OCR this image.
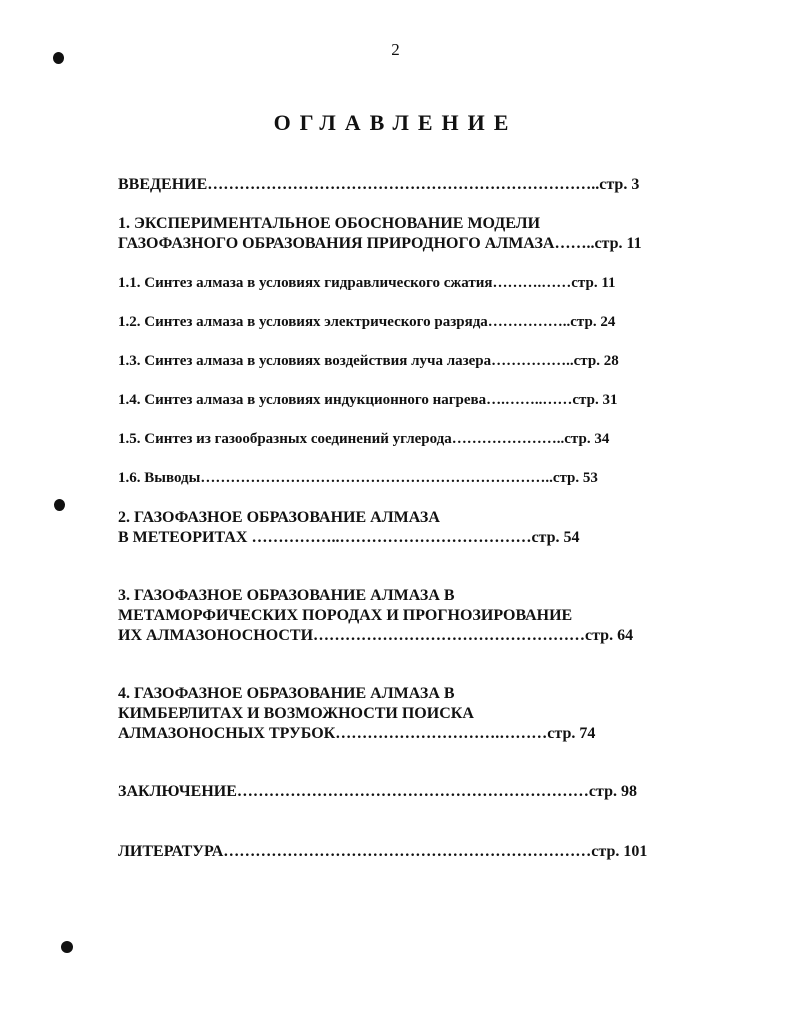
2
ОГЛАВЛЕНИЕ
ВВЕДЕНИЕ………………………………………………………………..стр. 3
1. ЭКСПЕРИМЕНТАЛЬНОЕ ОБОСНОВАНИЕ МОДЕЛИ
ГАЗОФАЗНОГО ОБРАЗОВАНИЯ ПРИРОДНОГО АЛМАЗА……..стр. 11
1.1. Синтез алмаза в условиях гидравлического сжатия……….……стр. 11
1.2. Синтез алмаза в условиях электрического разряда……………..стр. 24
1.3. Синтез алмаза в условиях воздействия луча лазера……………..стр. 28
1.4. Синтез алмаза в условиях индукционного нагрева….……..……стр. 31
1.5. Синтез из газообразных соединений углерода…………………..стр. 34
1.6. Выводы……………………………………………………………..стр. 53
2. ГАЗОФАЗНОЕ ОБРАЗОВАНИЕ АЛМАЗА
В МЕТЕОРИТАХ ……………..………………………………стр. 54
3. ГАЗОФАЗНОЕ ОБРАЗОВАНИЕ АЛМАЗА В
МЕТАМОРФИЧЕСКИХ ПОРОДАХ И ПРОГНОЗИРОВАНИЕ
ИХ АЛМАЗОНОСНОСТИ……………………………………………стр. 64
4. ГАЗОФАЗНОЕ ОБРАЗОВАНИЕ АЛМАЗА В
КИМБЕРЛИТАХ И ВОЗМОЖНОСТИ ПОИСКА
АЛМАЗОНОСНЫХ ТРУБОК………………………….………стр. 74
ЗАКЛЮЧЕНИЕ…………………………………………………………стр. 98
ЛИТЕРАТУРА……………………………………………………………стр. 101
